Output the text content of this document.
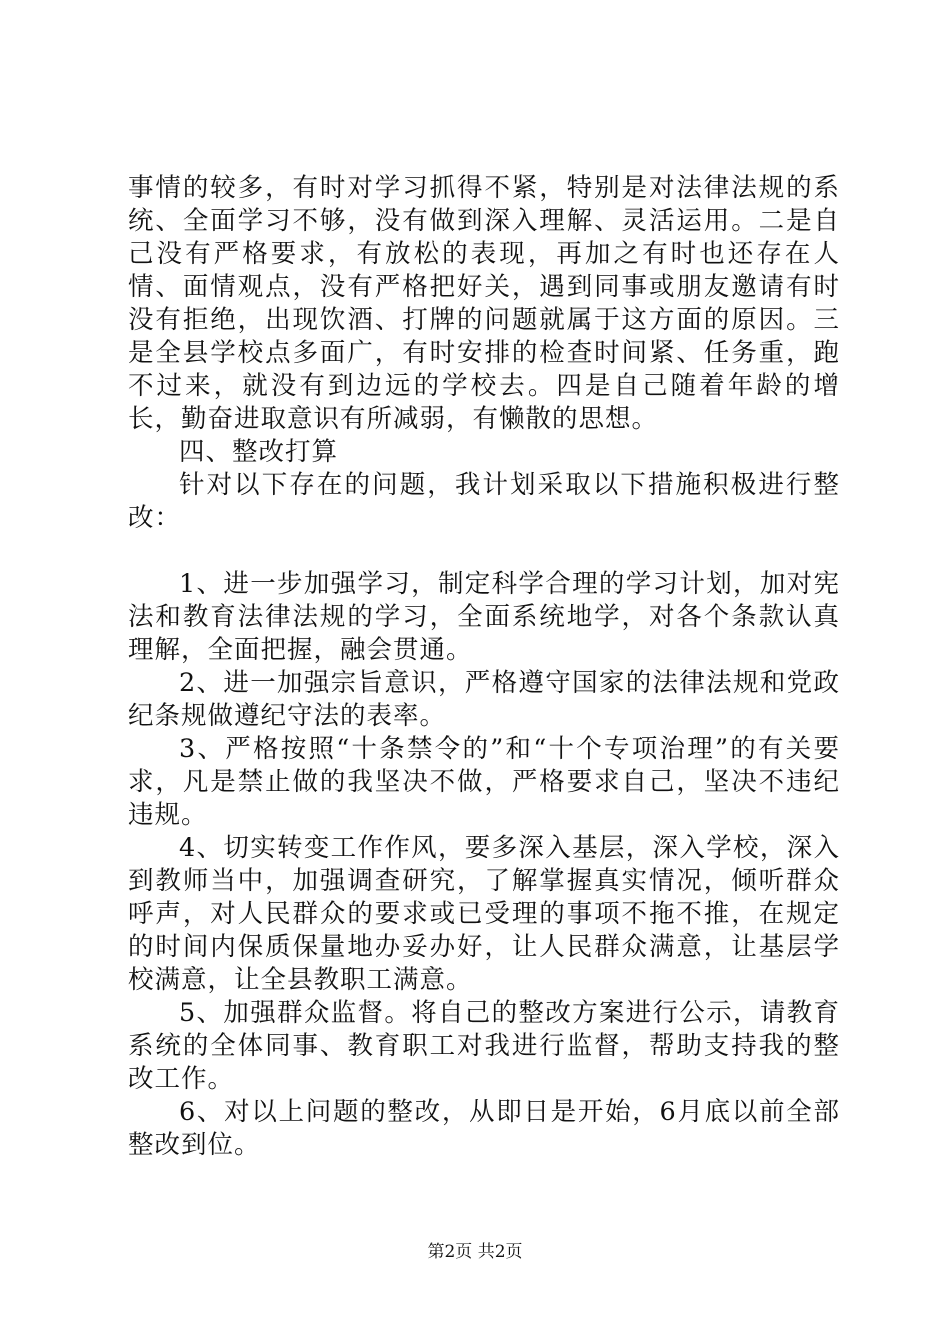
事情的较多，有时对学习抓得不紧，特别是对法律法规的系统、全面学习不够，没有做到深入理解、灵活运用。二是自己没有严格要求，有放松的表现，再加之有时也还存在人情、面情观点，没有严格把好关，遇到同事或朋友邀请有时没有拒绝，出现饮酒、打牌的问题就属于这方面的原因。三是全县学校点多面广，有时安排的检查时间紧、任务重，跑不过来，就没有到边远的学校去。四是自己随着年龄的增长，勤奋进取意识有所减弱，有懒散的思想。

四、整改打算

针对以下存在的问题，我计划采取以下措施积极进行整改：

1、进一步加强学习，制定科学合理的学习计划，加对宪法和教育法律法规的学习，全面系统地学，对各个条款认真理解，全面把握，融会贯通。

2、进一加强宗旨意识，严格遵守国家的法律法规和党政纪条规做遵纪守法的表率。

3、严格按照“十条禁令的”和“十个专项治理”的有关要求，凡是禁止做的我坚决不做，严格要求自己，坚决不违纪违规。

4、切实转变工作作风，要多深入基层，深入学校，深入到教师当中，加强调查研究，了解掌握真实情况，倾听群众呼声，对人民群众的要求或已受理的事项不拖不推，在规定的时间内保质保量地办妥办好，让人民群众满意，让基层学校满意，让全县教职工满意。

5、加强群众监督。将自己的整改方案进行公示，请教育系统的全体同事、教育职工对我进行监督，帮助支持我的整改工作。

6、对以上问题的整改，从即日是开始，6月底以前全部整改到位。

第2页 共2页
